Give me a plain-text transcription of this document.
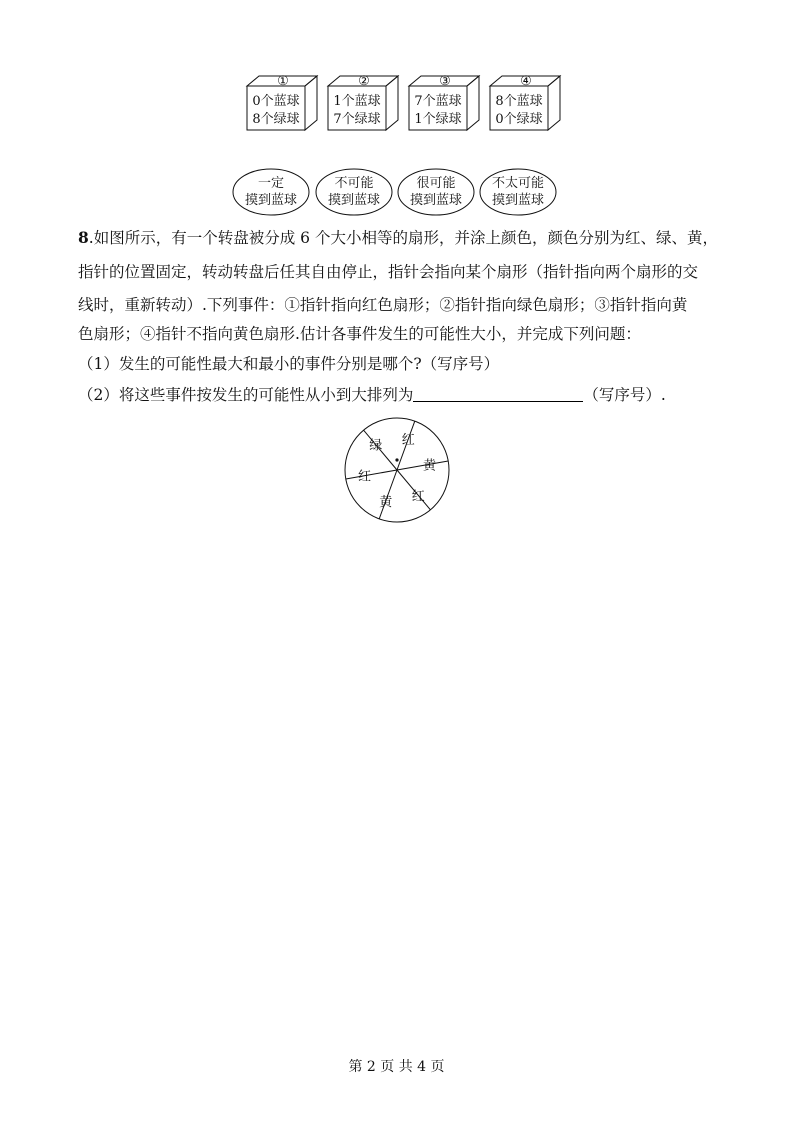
①
0个蓝球
8个绿球
②
1个蓝球
7个绿球
③
7个蓝球
1个绿球
④
8个蓝球
0个绿球
一定
摸到蓝球
不可能
摸到蓝球
很可能
摸到蓝球
不太可能
摸到蓝球
8.如图所示，有一个转盘被分成 6 个大小相等的扇形，并涂上颜色，颜色分别为红、绿、黄，
指针的位置固定，转动转盘后任其自由停止，指针会指向某个扇形（指针指向两个扇形的交
线时，重新转动）.下列事件：①指针指向红色扇形；②指针指向绿色扇形；③指针指向黄
色扇形；④指针不指向黄色扇形.估计各事件发生的可能性大小，并完成下列问题：
（1）发生的可能性最大和最小的事件分别是哪个?（写序号）
（2）将这些事件按发生的可能性从小到大排列为	（写序号）.
绿 红
黄
红
黄
红
第 2 页 共 4 页
